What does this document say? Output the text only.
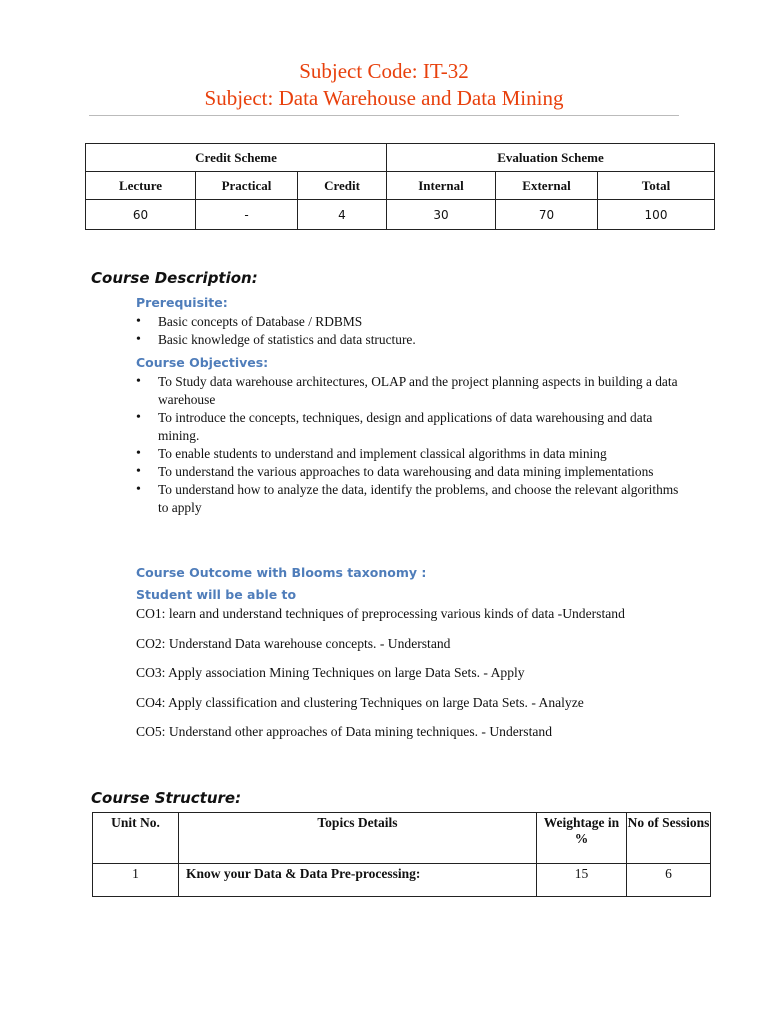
Subject Code: IT-32
Subject: Data Warehouse and Data Mining
Credit Scheme			Evaluation Scheme		
Lecture	Practical	Credit	Internal	External	Total
60	-	4	30	70	100
Course Description:
Prerequisite:
• Basic concepts of Database / RDBMS
• Basic knowledge of statistics and data structure.
Course Objectives:
• To Study data warehouse architectures, OLAP and the project planning aspects in building a data warehouse
• To introduce the concepts, techniques, design and applications of data warehousing and data mining.
• To enable students to understand and implement classical algorithms in data mining
• To understand the various approaches to data warehousing and data mining implementations
• To understand how to analyze the data, identify the problems, and choose the relevant algorithms to apply
Course Outcome with Blooms taxonomy :
Student will be able to
CO1: learn and understand techniques of preprocessing various kinds of data -Understand
CO2: Understand Data warehouse concepts. - Understand
CO3: Apply association Mining Techniques on large Data Sets. - Apply
CO4: Apply classification and clustering Techniques on large Data Sets. - Analyze
CO5: Understand other approaches of Data mining techniques. - Understand
Course Structure:
Unit No.	Topics Details	Weightage in %	No of Sessions
1	Know your Data & Data Pre-processing:	15	6
